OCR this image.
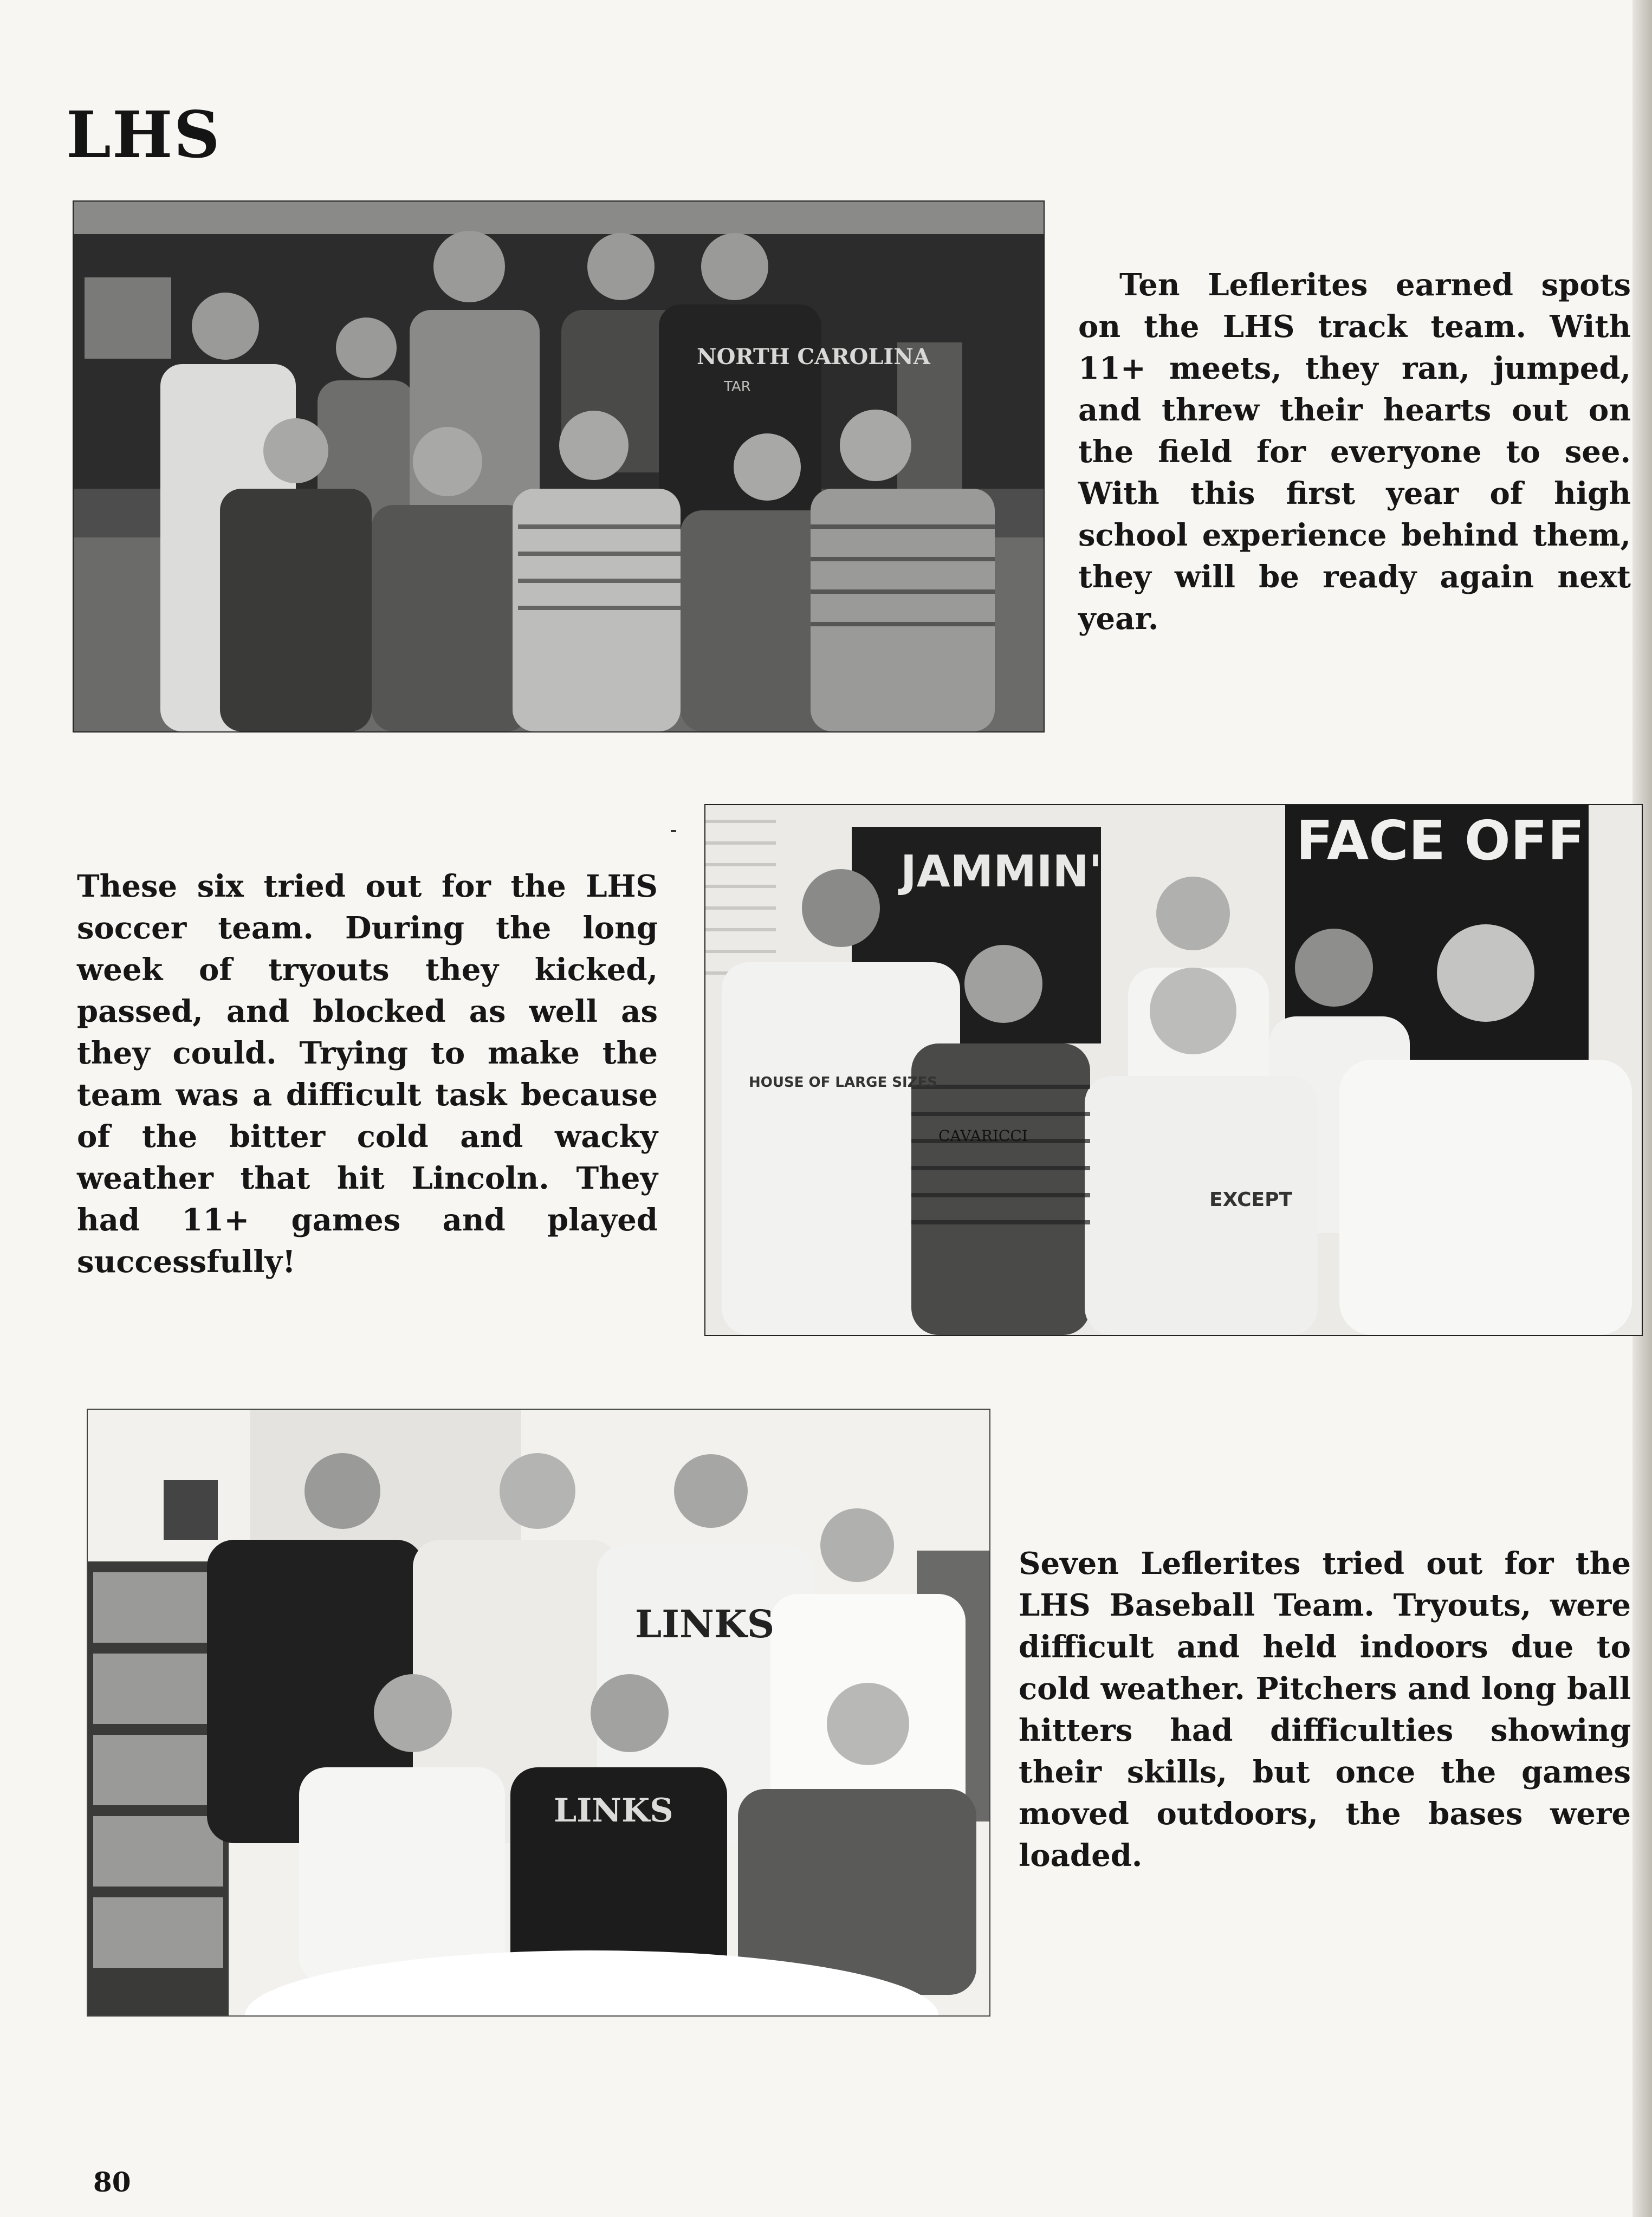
LHS
NORTH CAROLINA
TAR

Ten Leflerites earned spots on the LHS track team. With 11+ meets, they ran, jumped, and threw their hearts out on the field for everyone to see. With this first year of high school experience behind them, they will be ready again next year.

JAMMIN'	FACE OFF
HOUSE OF LARGE SIZES
CAVARICCI
EXCEPT

These six tried out for the LHS soccer team. During the long week of tryouts they kicked, passed, and blocked as well as they could. Trying to make the team was a difficult task because of the bitter cold and wacky weather that hit Lincoln. They had 11+ games and played successfully!

LINKS
LINKS

Seven Leflerites tried out for the LHS Baseball Team. Tryouts, were difficult and held indoors due to cold weather. Pitchers and long ball hitters had difficulties showing their skills, but once the games moved outdoors, the bases were loaded.

80
